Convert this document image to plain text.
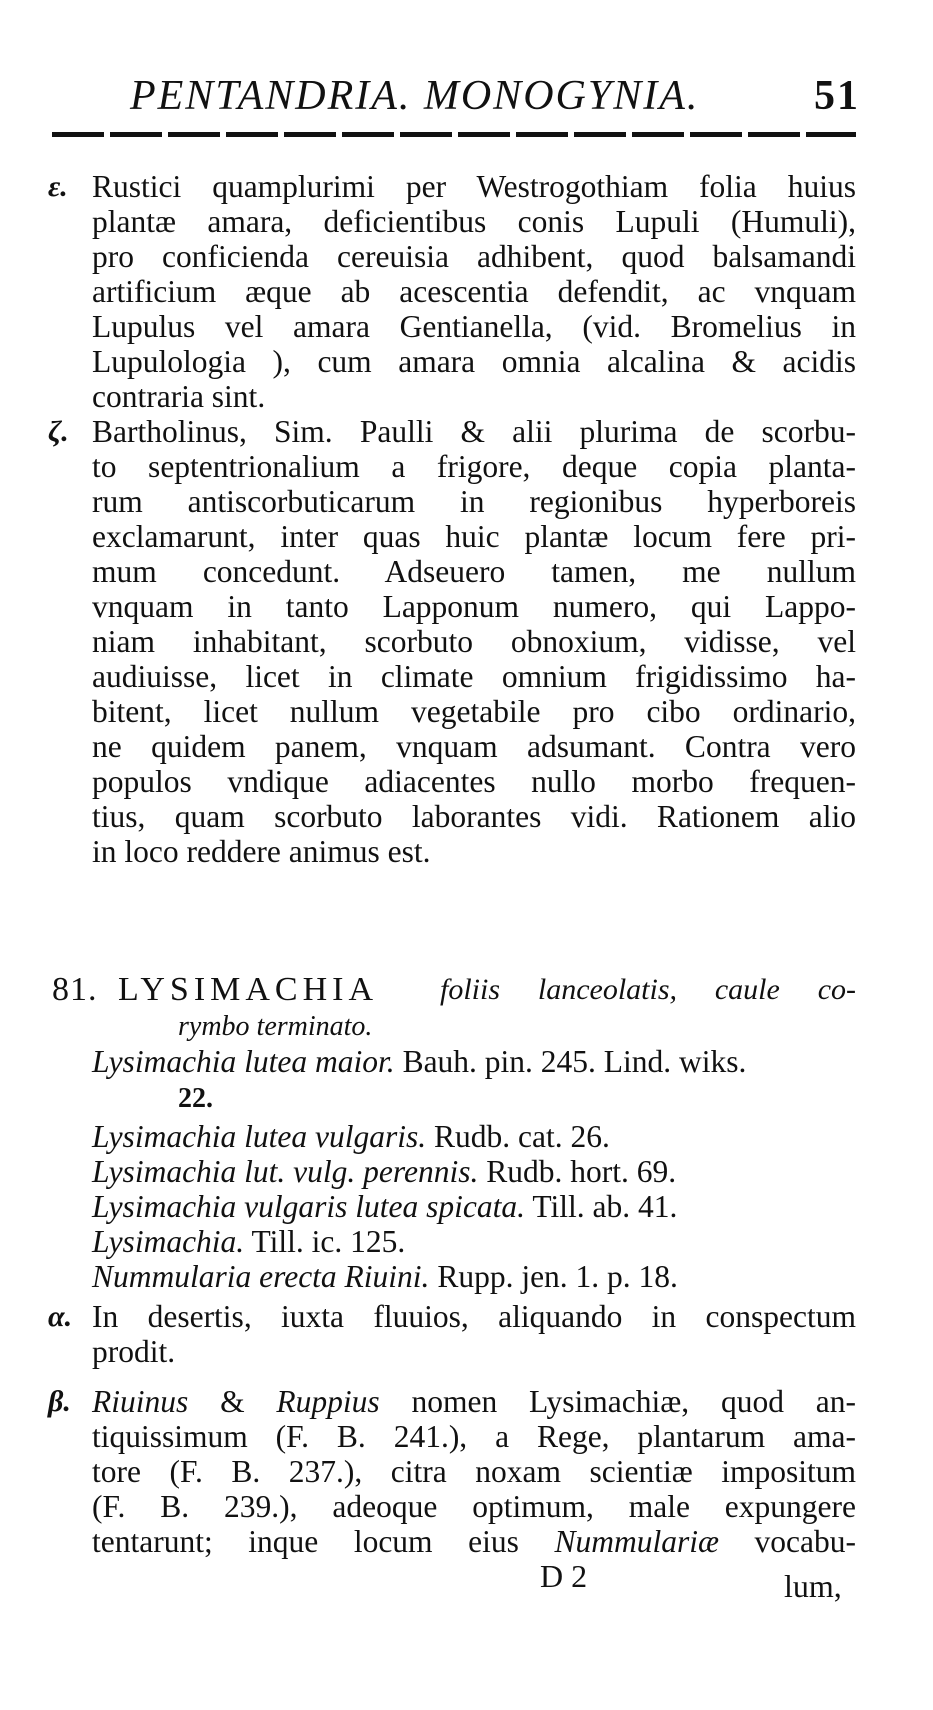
PENTANDRIA. MONOGYNIA.	51
ε. Rustici quamplurimi per Westrogothiam folia huius
plantæ amara, deficientibus conis Lupuli (Humuli),
pro conficienda cereuisia adhibent, quod balsamandi
artificium æque ab acescentia defendit, ac vnquam
Lupulus vel amara Gentianella, (vid. Bromelius in
Lupulologia ), cum amara omnia alcalina & acidis
contraria sint.
ζ. Bartholinus, Sim. Paulli & alii plurima de scorbu-
to septentrionalium a frigore, deque copia planta-
rum antiscorbuticarum in regionibus hyperboreis
exclamarunt, inter quas huic plantæ locum fere pri-
mum concedunt. Adseuero tamen, me nullum
vnquam in tanto Lapponum numero, qui Lappo-
niam inhabitant, scorbuto obnoxium, vidisse, vel
audiuisse, licet in climate omnium frigidissimo ha-
bitent, licet nullum vegetabile pro cibo ordinario,
ne quidem panem, vnquam adsumant. Contra vero
populos vndique adiacentes nullo morbo frequen-
tius, quam scorbuto laborantes vidi. Rationem alio
in loco reddere animus est.
81. LYSIMACHIA foliis lanceolatis, caule co-
rymbo terminato.
Lysimachia lutea maior. Bauh. pin. 245. Lind. wiks.
22.
Lysimachia lutea vulgaris. Rudb. cat. 26.
Lysimachia lut. vulg. perennis. Rudb. hort. 69.
Lysimachia vulgaris lutea spicata. Till. ab. 41.
Lysimachia. Till. ic. 125.
Nummularia erecta Riuini. Rupp. jen. 1. p. 18.
α. In desertis, iuxta fluuios, aliquando in conspectum
prodit.
β. Riuinus & Ruppius nomen Lysimachiæ, quod an-
tiquissimum (F. B. 241.), a Rege, plantarum ama-
tore (F. B. 237.), citra noxam scientiæ impositum
(F. B. 239.), adeoque optimum, male expungere
tentarunt; inque locum eius Nummulariæ vocabu-
D 2	lum,
